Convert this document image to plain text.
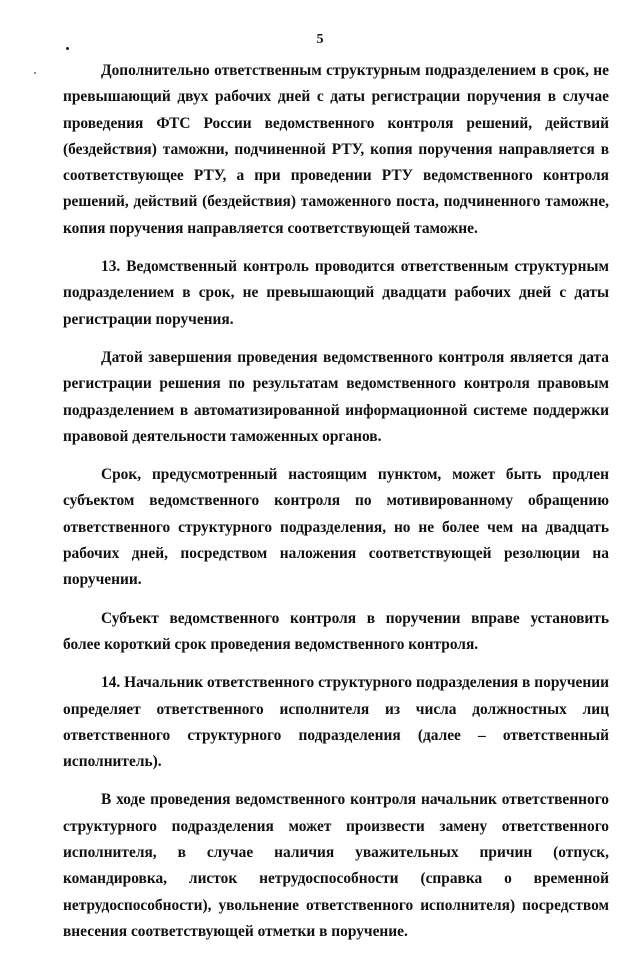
5

Дополнительно ответственным структурным подразделением в срок, не превышающий двух рабочих дней с даты регистрации поручения в случае проведения ФТС России ведомственного контроля решений, действий (бездействия) таможни, подчиненной РТУ, копия поручения направляется в соответствующее РТУ, а при проведении РТУ ведомственного контроля решений, действий (бездействия) таможенного поста, подчиненного таможне, копия поручения направляется соответствующей таможне.

13. Ведомственный контроль проводится ответственным структурным подразделением в срок, не превышающий двадцати рабочих дней с даты регистрации поручения.

Датой завершения проведения ведомственного контроля является дата регистрации решения по результатам ведомственного контроля правовым подразделением в автоматизированной информационной системе поддержки правовой деятельности таможенных органов.

Срок, предусмотренный настоящим пунктом, может быть продлен субъектом ведомственного контроля по мотивированному обращению ответственного структурного подразделения, но не более чем на двадцать рабочих дней, посредством наложения соответствующей резолюции на поручении.

Субъект ведомственного контроля в поручении вправе установить более короткий срок проведения ведомственного контроля.

14. Начальник ответственного структурного подразделения в поручении определяет ответственного исполнителя из числа должностных лиц ответственного структурного подразделения (далее – ответственный исполнитель).

В ходе проведения ведомственного контроля начальник ответственного структурного подразделения может произвести замену ответственного исполнителя, в случае наличия уважительных причин (отпуск, командировка, листок нетрудоспособности (справка о временной нетрудоспособности), увольнение ответственного исполнителя) посредством внесения соответствующей отметки в поручение.
